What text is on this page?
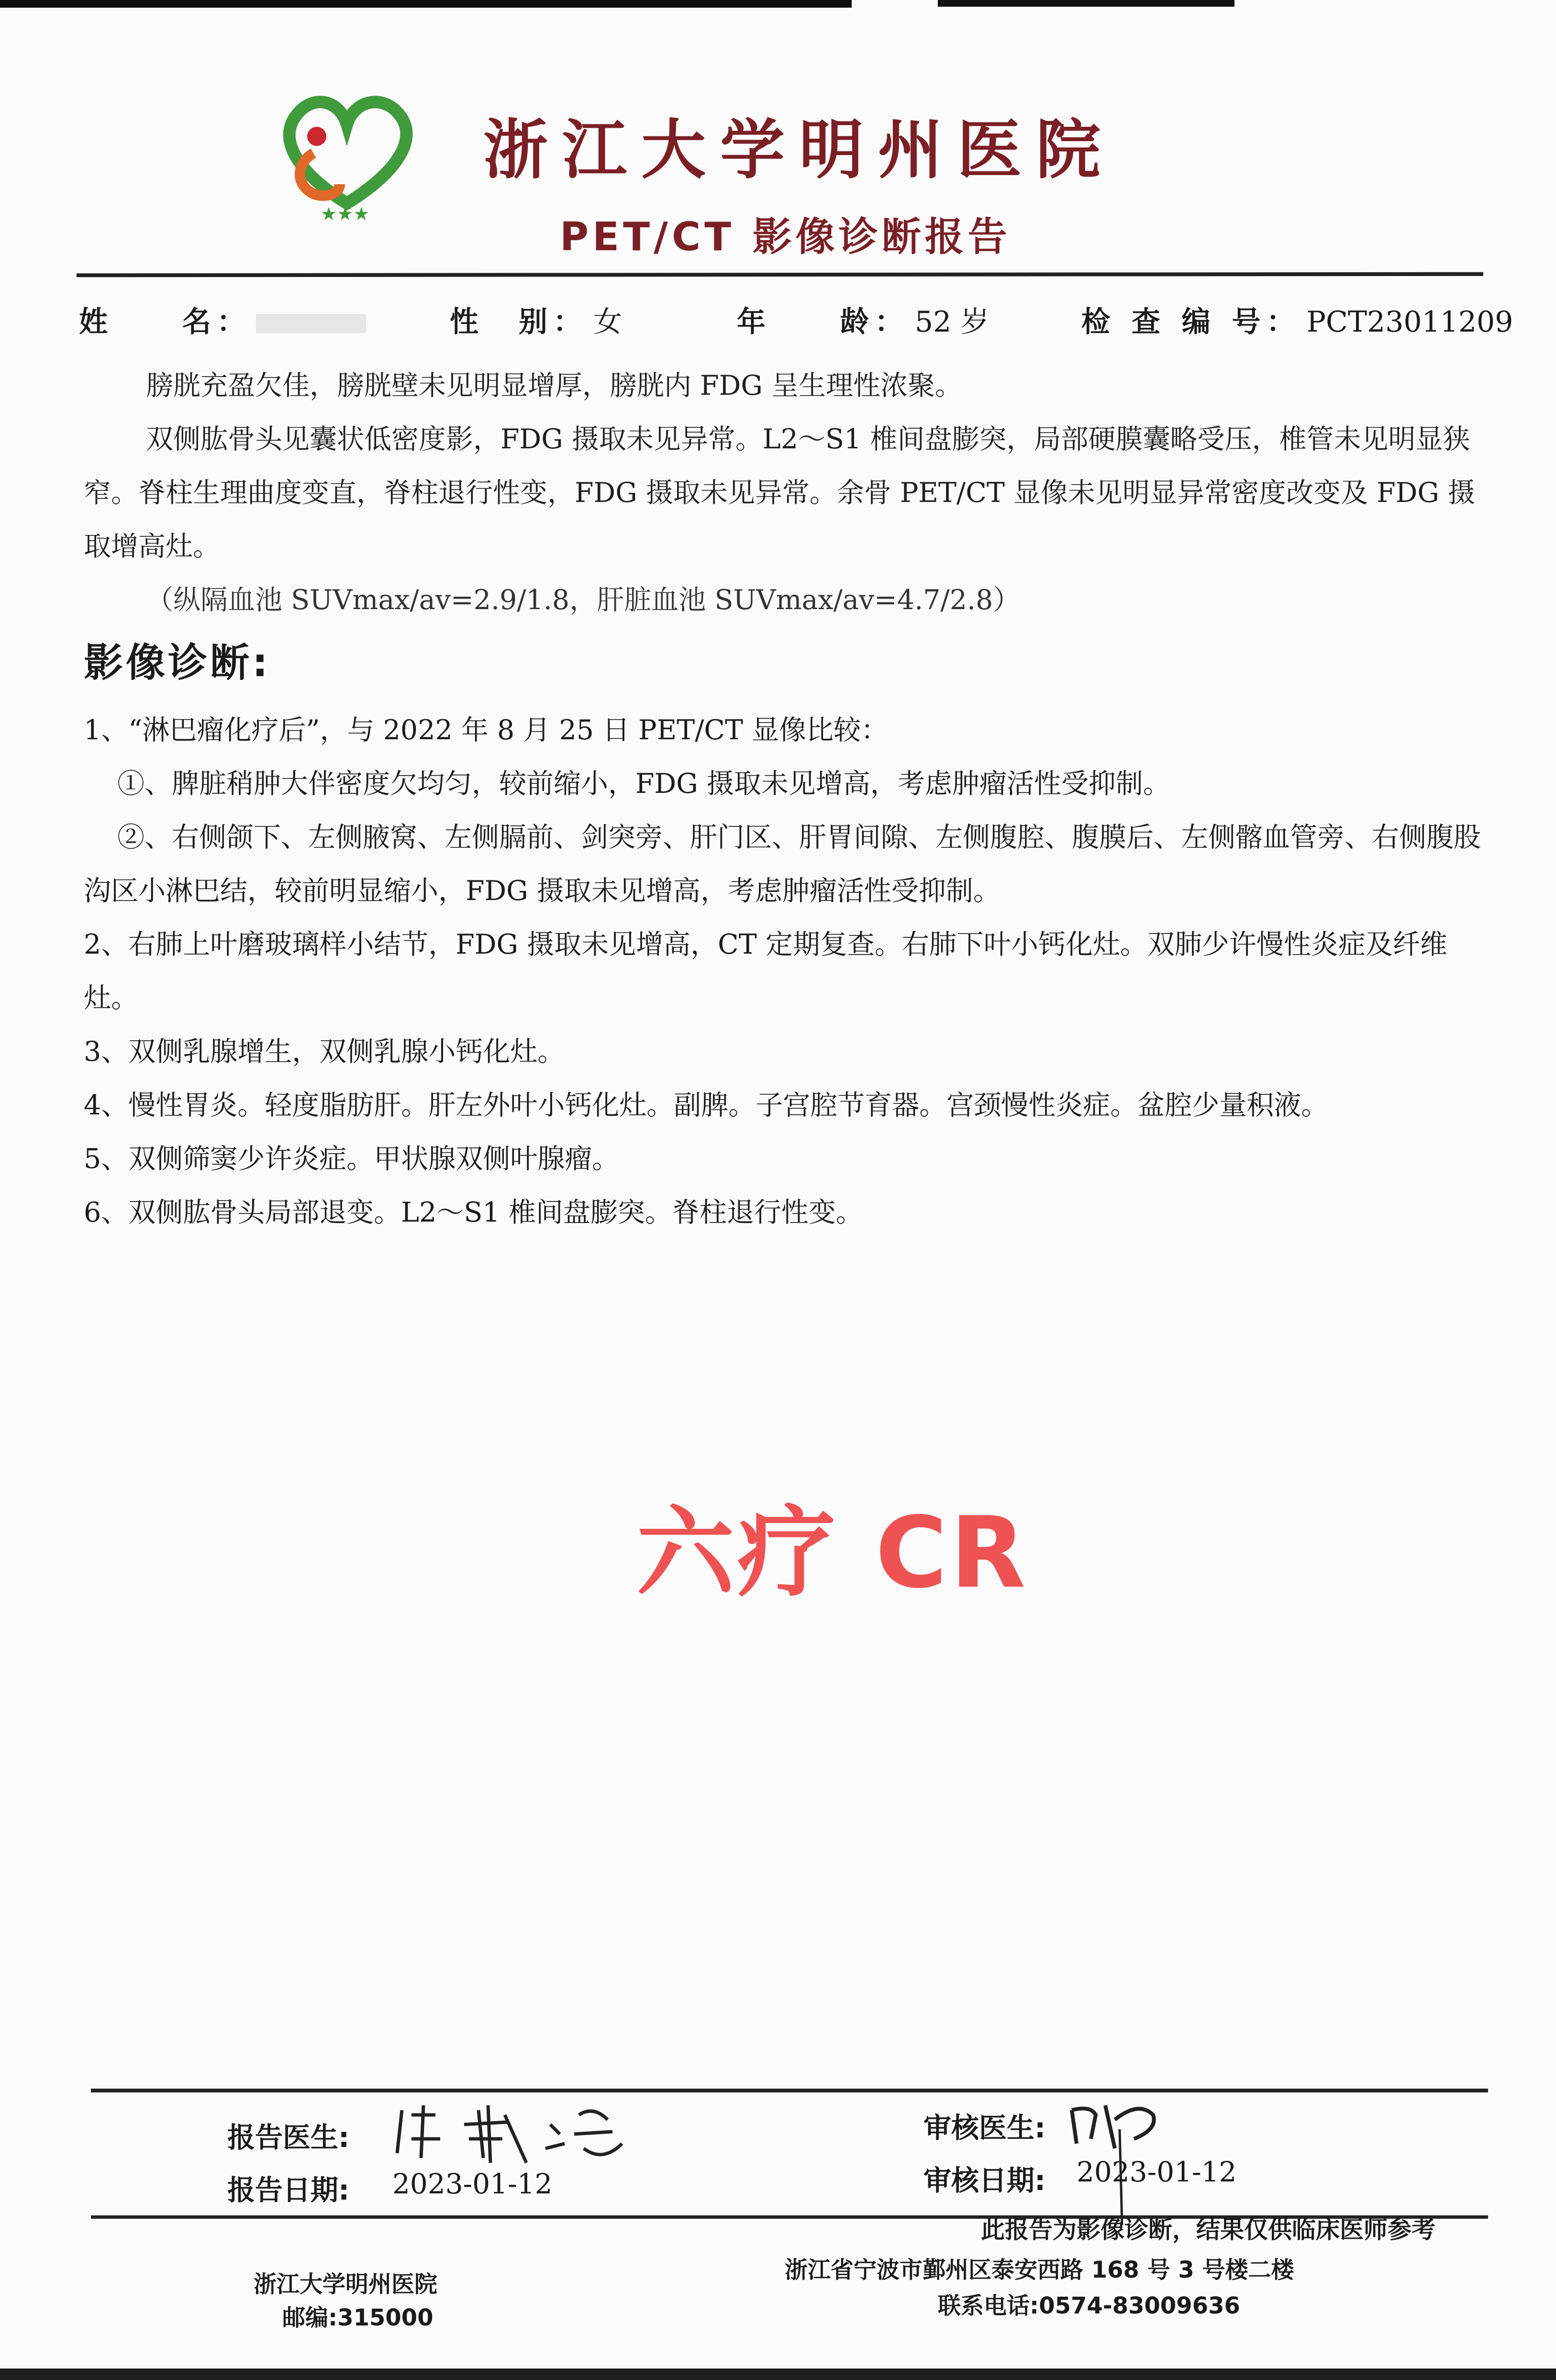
★★★
浙江大学明州医院
PET/CT 影像诊断报告
姓　　名：	性　别： 女	年　　龄： 52 岁	检 查 编 号： PCT23011209

膀胱充盈欠佳，膀胱壁未见明显增厚，膀胱内 FDG 呈生理性浓聚。

双侧肱骨头见囊状低密度影，FDG 摄取未见异常。L2～S1 椎间盘膨突，局部硬膜囊略受压，椎管未见明显狭窄。脊柱生理曲度变直，脊柱退行性变，FDG 摄取未见异常。余骨 PET/CT 显像未见明显异常密度改变及 FDG 摄取增高灶。

（纵隔血池 SUVmax/av=2.9/1.8，肝脏血池 SUVmax/av=4.7/2.8）

影像诊断:

1、“淋巴瘤化疗后”，与 2022 年 8 月 25 日 PET/CT 显像比较：

①、脾脏稍肿大伴密度欠均匀，较前缩小，FDG 摄取未见增高，考虑肿瘤活性受抑制。

②、右侧颌下、左侧腋窝、左侧膈前、剑突旁、肝门区、肝胃间隙、左侧腹腔、腹膜后、左侧髂血管旁、右侧腹股沟区小淋巴结，较前明显缩小，FDG 摄取未见增高，考虑肿瘤活性受抑制。

2、右肺上叶磨玻璃样小结节，FDG 摄取未见增高，CT 定期复查。右肺下叶小钙化灶。双肺少许慢性炎症及纤维灶。

3、双侧乳腺增生，双侧乳腺小钙化灶。

4、慢性胃炎。轻度脂肪肝。肝左外叶小钙化灶。副脾。子宫腔节育器。宫颈慢性炎症。盆腔少量积液。

5、双侧筛窦少许炎症。甲状腺双侧叶腺瘤。

6、双侧肱骨头局部退变。L2～S1 椎间盘膨突。脊柱退行性变。

六疗 CR
报告医生:
报告日期: 2023-01-12
审核医生:
审核日期: 2023-01-12
此报告为影像诊断，结果仅供临床医师参考
浙江大学明州医院
邮编:315000
浙江省宁波市鄞州区泰安西路 168 号 3 号楼二楼
联系电话:0574-83009636
